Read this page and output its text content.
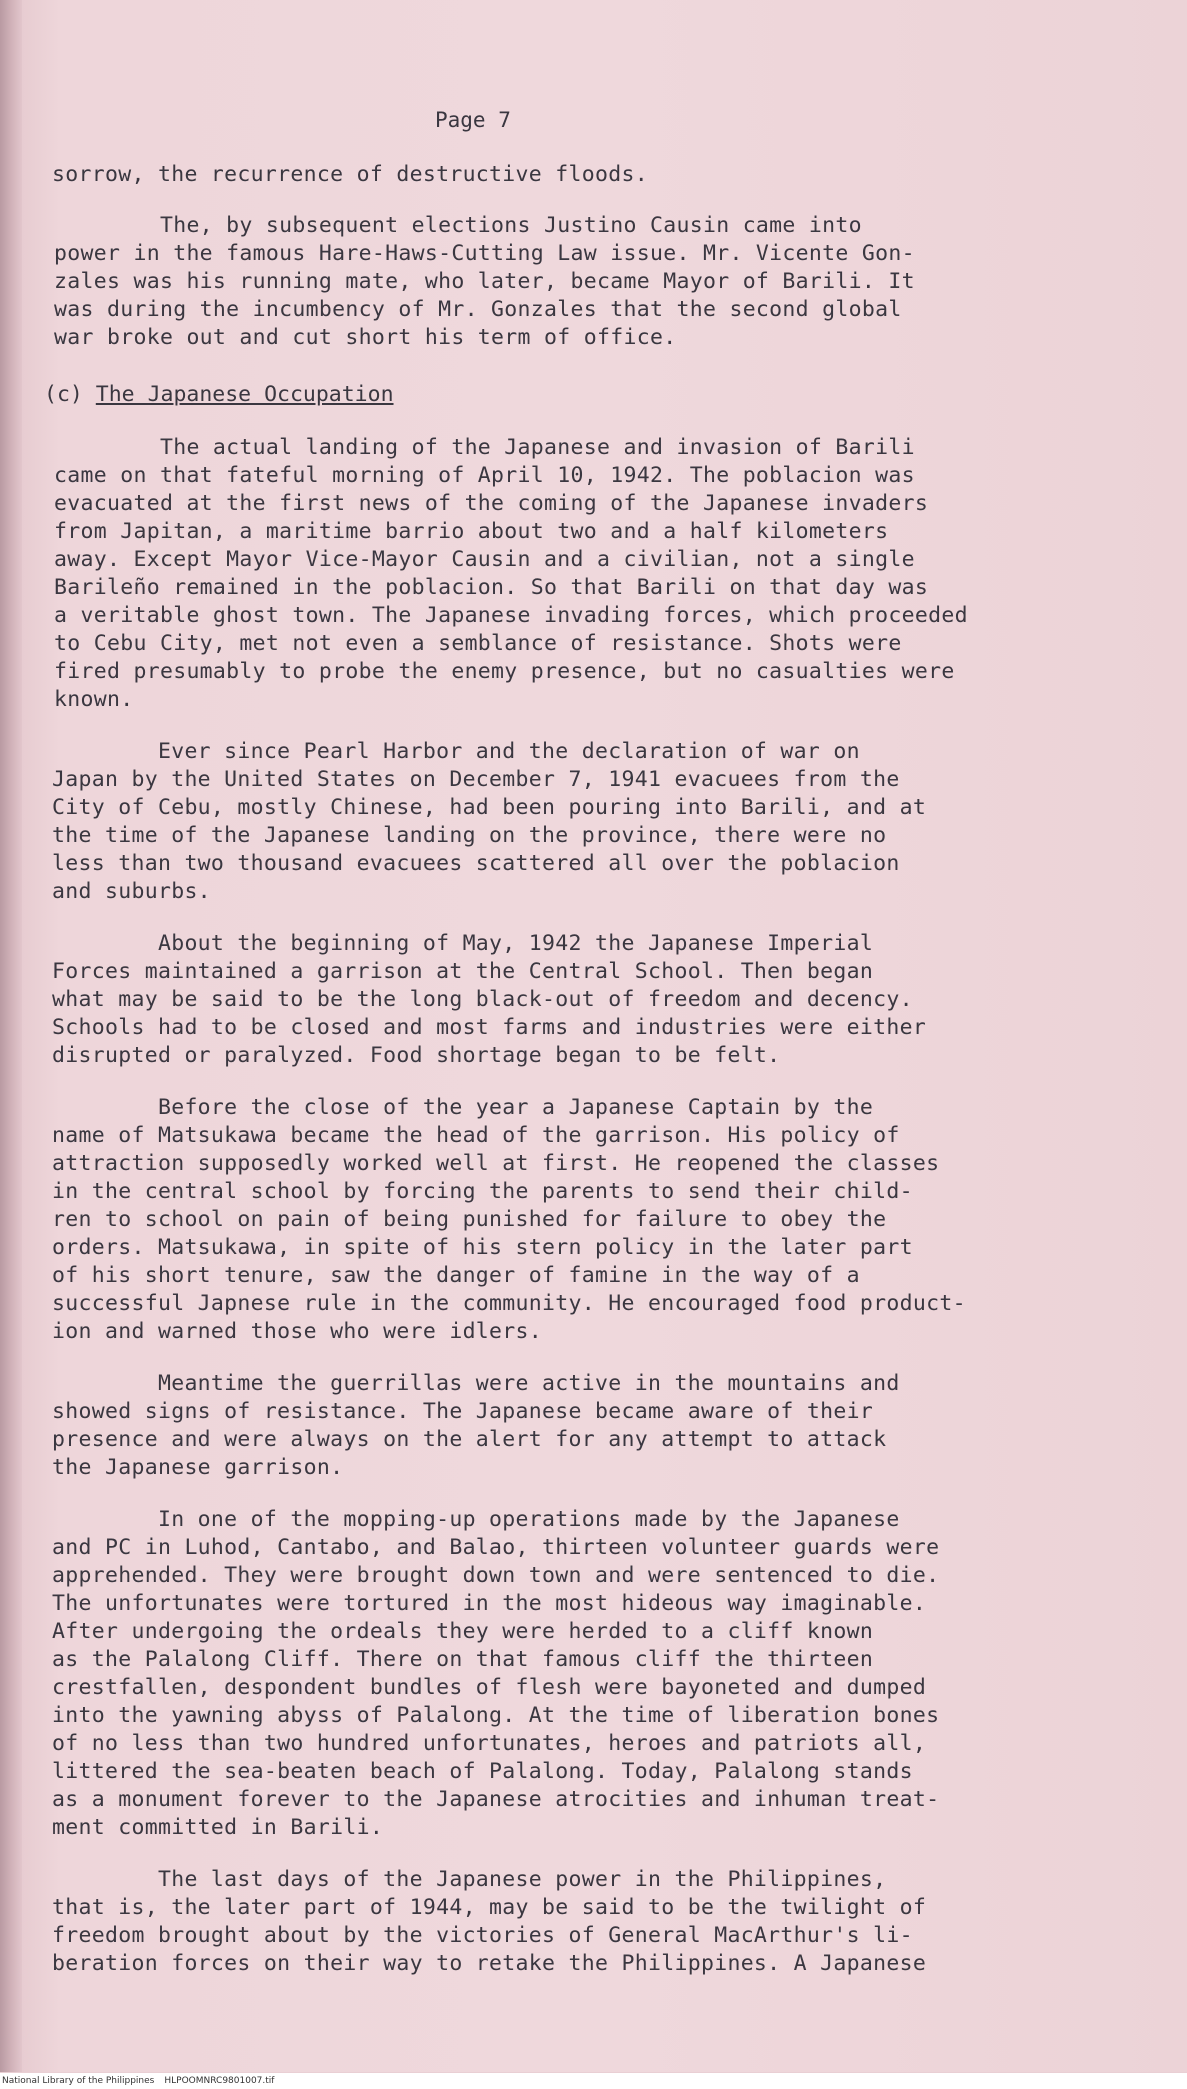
Page 7
(c) The Japanese Occupation
sorrow, the recurrence of destructive floods.
The, by subsequent elections Justino Causin came into
power in the famous Hare-Haws-Cutting Law issue. Mr. Vicente Gon-
zales was his running mate, who later, became Mayor of Barili. It
was during the incumbency of Mr. Gonzales that the second global
war broke out and cut short his term of office.
The actual landing of the Japanese and invasion of Barili
came on that fateful morning of April 10, 1942. The poblacion was
evacuated at the first news of the coming of the Japanese invaders
from Japitan, a maritime barrio about two and a half kilometers
away. Except Mayor Vice-Mayor Causin and a civilian, not a single
Barileño remained in the poblacion. So that Barili on that day was
a veritable ghost town. The Japanese invading forces, which proceeded
to Cebu City, met not even a semblance of resistance. Shots were
fired presumably to probe the enemy presence, but no casualties were
known.
Ever since Pearl Harbor and the declaration of war on
Japan by the United States on December 7, 1941 evacuees from the
City of Cebu, mostly Chinese, had been pouring into Barili, and at
the time of the Japanese landing on the province, there were no
less than two thousand evacuees scattered all over the poblacion
and suburbs.
About the beginning of May, 1942 the Japanese Imperial
Forces maintained a garrison at the Central School. Then began
what may be said to be the long black-out of freedom and decency.
Schools had to be closed and most farms and industries were either
disrupted or paralyzed. Food shortage began to be felt.
Before the close of the year a Japanese Captain by the
name of Matsukawa became the head of the garrison. His policy of
attraction supposedly worked well at first. He reopened the classes
in the central school by forcing the parents to send their child-
ren to school on pain of being punished for failure to obey the
orders. Matsukawa, in spite of his stern policy in the later part
of his short tenure, saw the danger of famine in the way of a
successful Japnese rule in the community. He encouraged food product-
ion and warned those who were idlers.
Meantime the guerrillas were active in the mountains and
showed signs of resistance. The Japanese became aware of their
presence and were always on the alert for any attempt to attack
the Japanese garrison.
In one of the mopping-up operations made by the Japanese
and PC in Luhod, Cantabo, and Balao, thirteen volunteer guards were
apprehended. They were brought down town and were sentenced to die.
The unfortunates were tortured in the most hideous way imaginable.
After undergoing the ordeals they were herded to a cliff known
as the Palalong Cliff. There on that famous cliff the thirteen
crestfallen, despondent bundles of flesh were bayoneted and dumped
into the yawning abyss of Palalong. At the time of liberation bones
of no less than two hundred unfortunates, heroes and patriots all,
littered the sea-beaten beach of Palalong. Today, Palalong stands
as a monument forever to the Japanese atrocities and inhuman treat-
ment committed in Barili.
The last days of the Japanese power in the Philippines,
that is, the later part of 1944, may be said to be the twilight of
freedom brought about by the victories of General MacArthur's li-
beration forces on their way to retake the Philippines. A Japanese
National Library of the Philippines HLPOOMNRC9801007.tif
